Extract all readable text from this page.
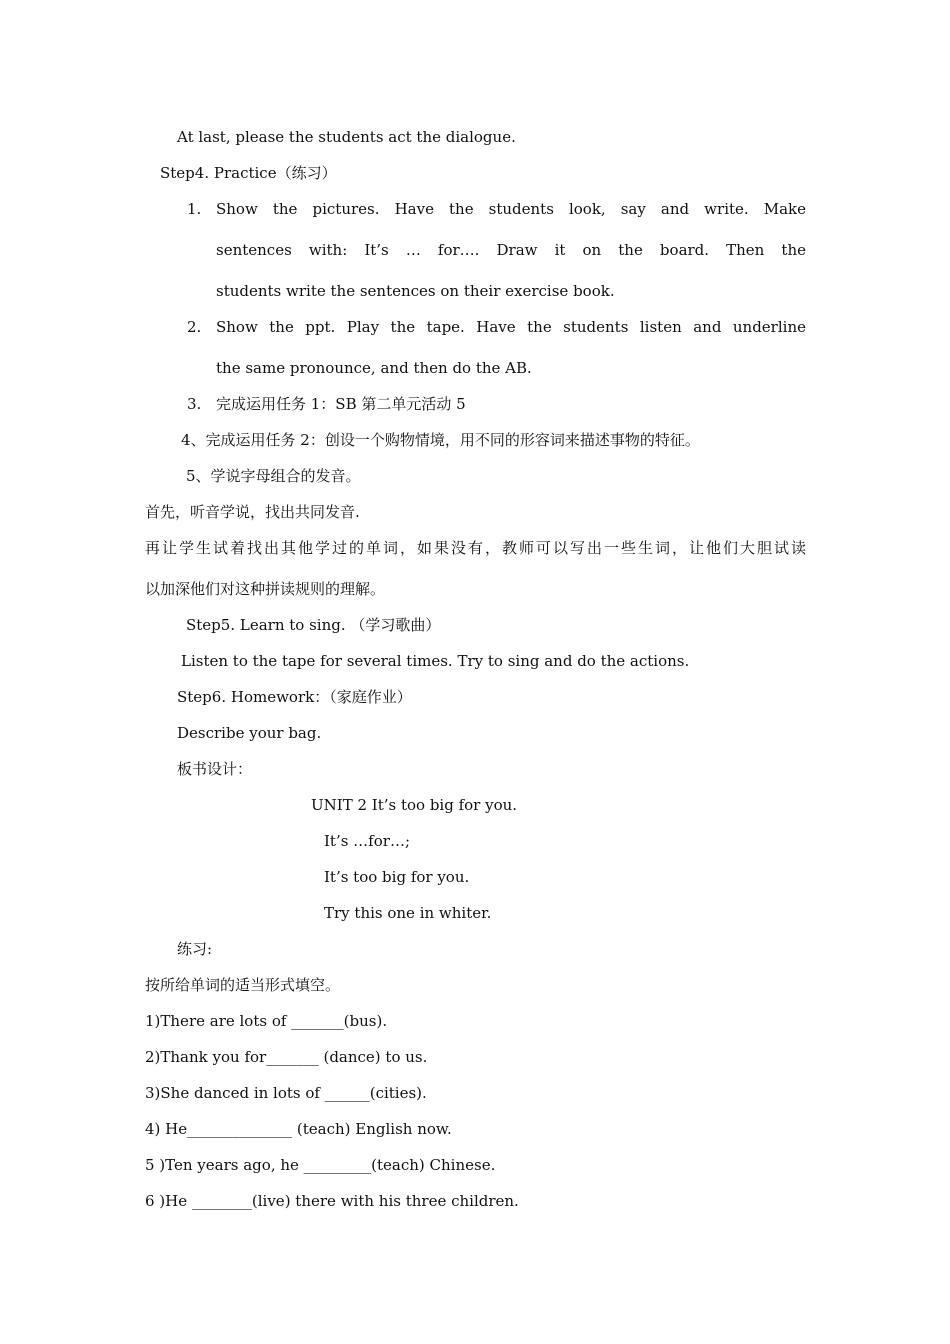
At last, please the students act the dialogue.
Step4. Practice（练习）
1. Show the pictures. Have the students look, say and write. Make
sentences with: It’s … for…. Draw it on the board. Then the
students write the sentences on their exercise book.
2. Show the ppt. Play the tape. Have the students listen and underline
the same pronounce, and then do the AB.
3. 完成运用任务 1：SB 第二单元活动 5
4、完成运用任务 2：创设一个购物情境，用不同的形容词来描述事物的特征。
5、学说字母组合的发音。
首先，听音学说，找出共同发音.
再让学生试着找出其他学过的单词，如果没有，教师可以写出一些生词，让他们大胆试读
以加深他们对这种拼读规则的理解。
Step5. Learn to sing. （学习歌曲）
Listen to the tape for several times. Try to sing and do the actions.
Step6. Homework：（家庭作业）
Describe your bag.
板书设计：
UNIT 2 It’s too big for you.
It’s …for…;
It’s too big for you.
Try this one in whiter.
练习:
按所给单词的适当形式填空。
1)There are lots of _______(bus).
2)Thank you for_______ (dance) to us.
3)She danced in lots of ______(cities).
4) He______________ (teach) English now.
5 )Ten years ago, he _________(teach) Chinese.
6 )He ________(live) there with his three children.
